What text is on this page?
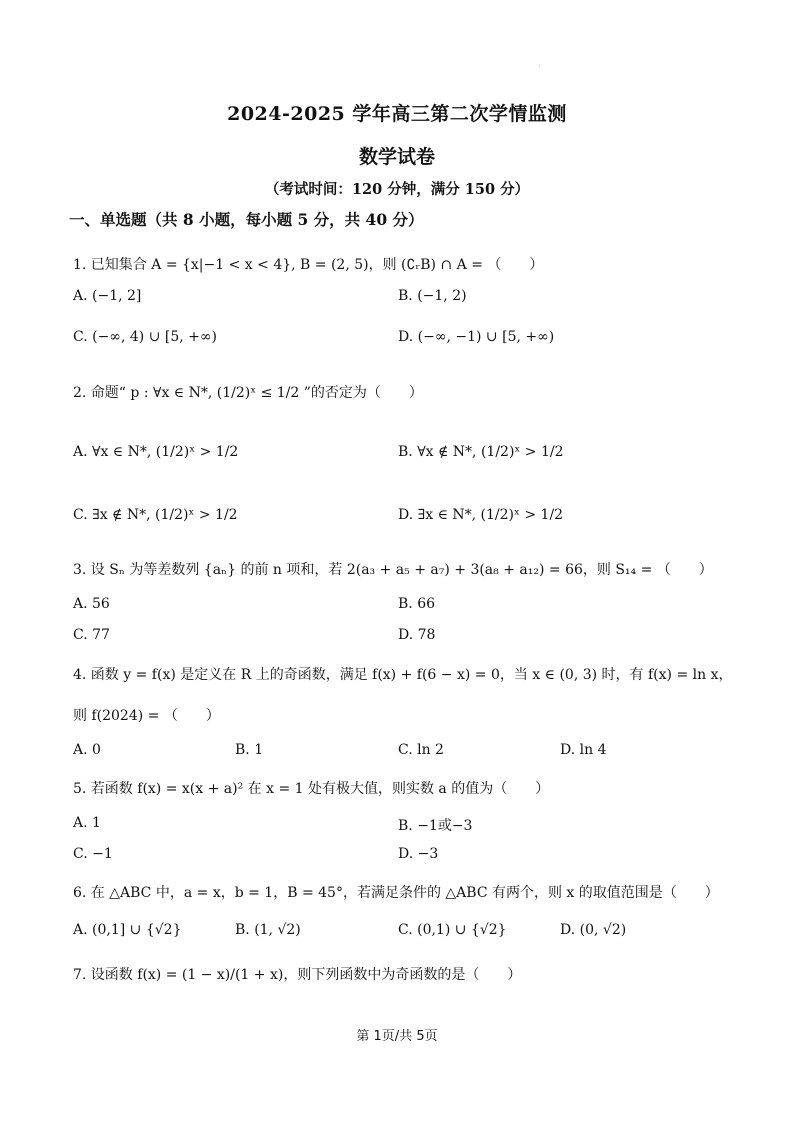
·
2024-2025 学年高三第二次学情监测
数学试卷
（考试时间：120 分钟，满分 150 分）
一、单选题（共 8 小题，每小题 5 分，共 40 分）
1. 已知集合 A = {x|−1 < x < 4}, B = (2, 5)，则 (∁ᵣB) ∩ A = （　　）
A. (−1, 2]	B. (−1, 2)
C. (−∞, 4) ∪ [5, +∞)	D. (−∞, −1) ∪ [5, +∞)
2. 命题“ p : ∀x ∈ N*, (1/2)ˣ ≤ 1/2 ”的否定为（　　）
A. ∀x ∈ N*, (1/2)ˣ > 1/2	B. ∀x ∉ N*, (1/2)ˣ > 1/2
C. ∃x ∉ N*, (1/2)ˣ > 1/2	D. ∃x ∈ N*, (1/2)ˣ > 1/2
3. 设 Sₙ 为等差数列 {aₙ} 的前 n 项和，若 2(a₃ + a₅ + a₇) + 3(a₈ + a₁₂) = 66，则 S₁₄ = （　　）
A. 56	B. 66
C. 77	D. 78
4. 函数 y = f(x) 是定义在 R 上的奇函数，满足 f(x) + f(6 − x) = 0，当 x ∈ (0, 3) 时，有 f(x) = ln x，
则 f(2024) = （　　）
A. 0	B. 1	C. ln 2	D. ln 4
5. 若函数 f(x) = x(x + a)² 在 x = 1 处有极大值，则实数 a 的值为（　　）
A. 1	B. −1或−3
C. −1	D. −3
6. 在 △ABC 中，a = x，b = 1，B = 45°，若满足条件的 △ABC 有两个，则 x 的取值范围是（　　）
A. (0,1] ∪ {√2}	B. (1, √2)	C. (0,1) ∪ {√2}	D. (0, √2)
7. 设函数 f(x) = (1 − x)/(1 + x)，则下列函数中为奇函数的是（　　）
第 1页/共 5页
